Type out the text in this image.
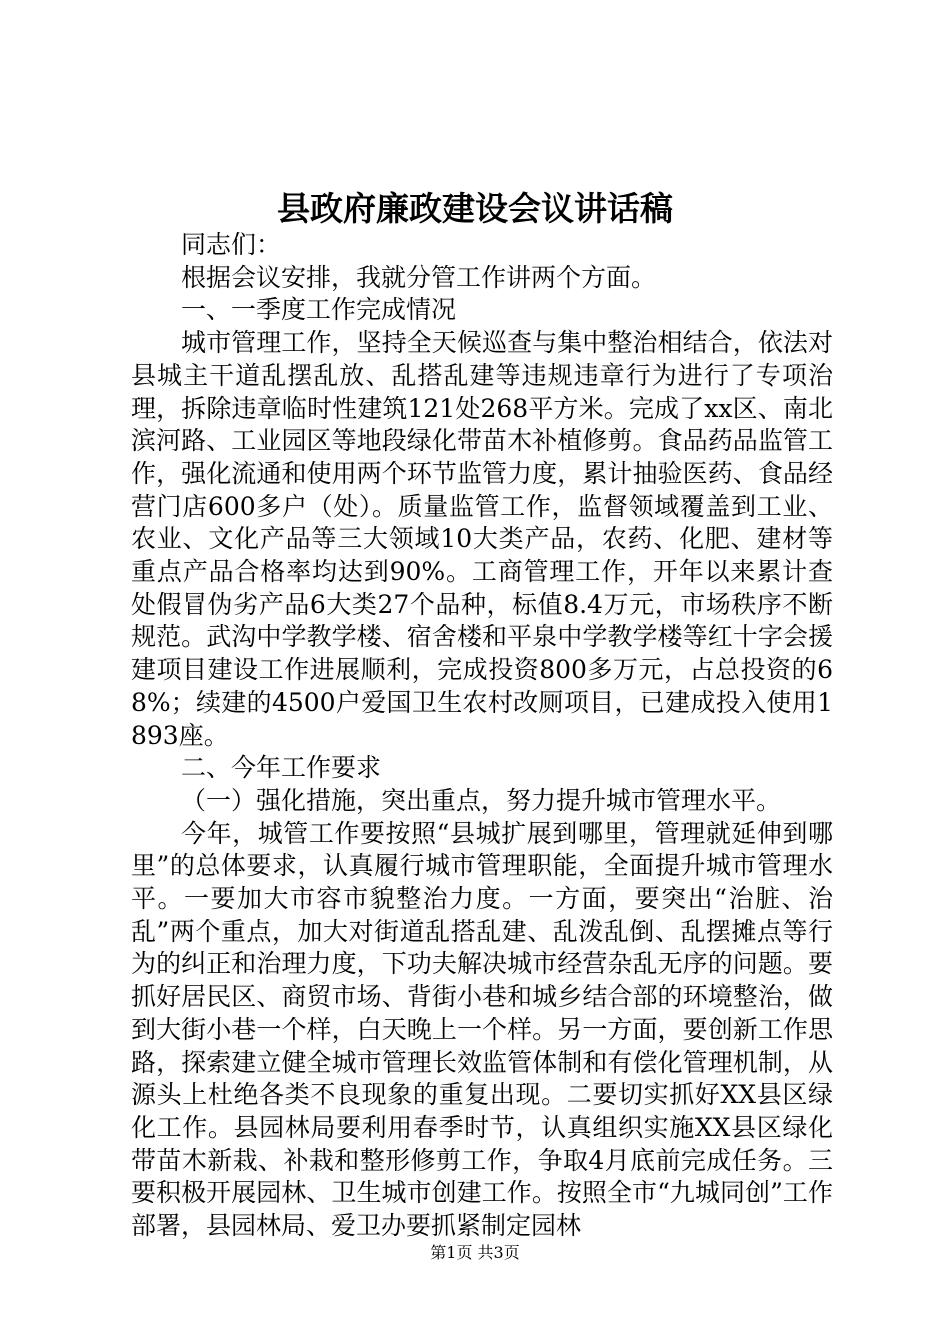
县政府廉政建设会议讲话稿

同志们：

根据会议安排，我就分管工作讲两个方面。

一、一季度工作完成情况

城市管理工作，坚持全天候巡查与集中整治相结合，依法对县城主干道乱摆乱放、乱搭乱建等违规违章行为进行了专项治理，拆除违章临时性建筑121处268平方米。完成了xx区、南北滨河路、工业园区等地段绿化带苗木补植修剪。食品药品监管工作，强化流通和使用两个环节监管力度，累计抽验医药、食品经营门店600多户（处）。质量监管工作，监督领域覆盖到工业、农业、文化产品等三大领域10大类产品，农药、化肥、建材等重点产品合格率均达到90%。工商管理工作，开年以来累计查处假冒伪劣产品6大类27个品种，标值8.4万元，市场秩序不断规范。武沟中学教学楼、宿舍楼和平泉中学教学楼等红十字会援建项目建设工作进展顺利，完成投资800多万元，占总投资的68%；续建的4500户爱国卫生农村改厕项目，已建成投入使用1893座。

二、今年工作要求

（一）强化措施，突出重点，努力提升城市管理水平。

今年，城管工作要按照“县城扩展到哪里，管理就延伸到哪里”的总体要求，认真履行城市管理职能，全面提升城市管理水平。一要加大市容市貌整治力度。一方面，要突出“治脏、治乱”两个重点，加大对街道乱搭乱建、乱泼乱倒、乱摆摊点等行为的纠正和治理力度，下功夫解决城市经营杂乱无序的问题。要抓好居民区、商贸市场、背街小巷和城乡结合部的环境整治，做到大街小巷一个样，白天晚上一个样。另一方面，要创新工作思路，探索建立健全城市管理长效监管体制和有偿化管理机制，从源头上杜绝各类不良现象的重复出现。二要切实抓好XX县区绿化工作。县园林局要利用春季时节，认真组织实施XX县区绿化带苗木新栽、补栽和整形修剪工作，争取4月底前完成任务。三要积极开展园林、卫生城市创建工作。按照全市“九城同创”工作部署，县园林局、爱卫办要抓紧制定园林

第1页 共3页
